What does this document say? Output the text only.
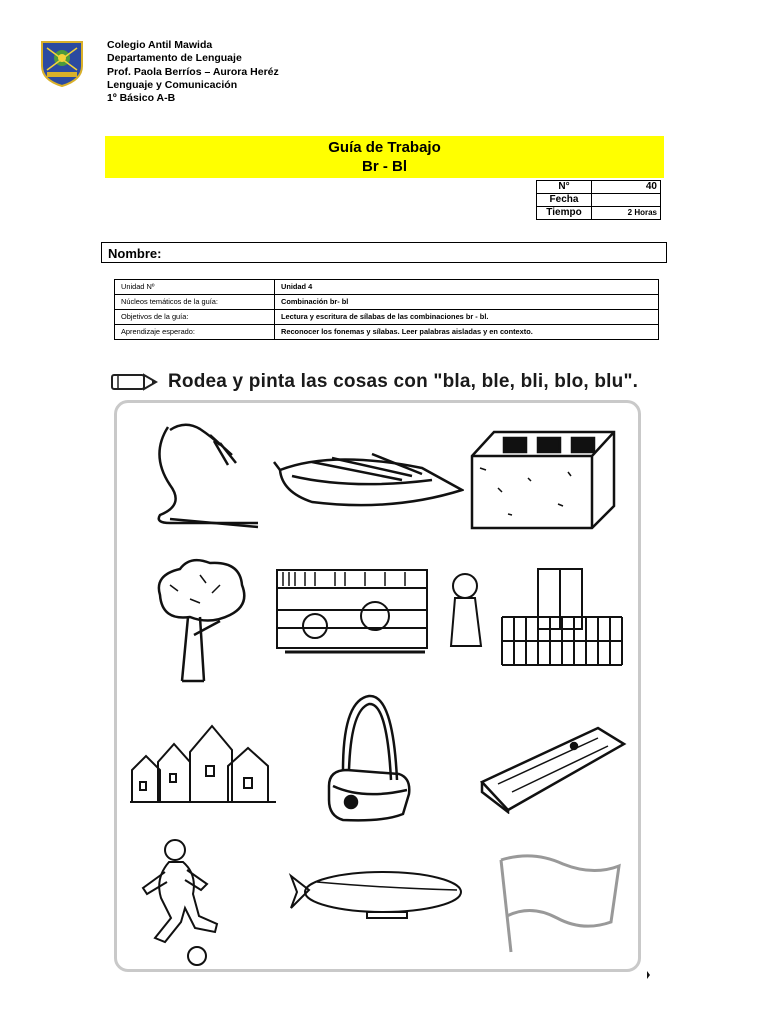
Colegio Antil Mawida
Departamento de Lenguaje
Prof. Paola Berríos – Aurora Heréz
Lenguaje y Comunicación
1º Básico A-B
Guía de Trabajo
Br - Bl
N°	40
Fecha	
Tiempo	2 Horas
Nombre:
Unidad Nº	Unidad 4
Núcleos temáticos de la guía:	Combinación br- bl
Objetivos de la guía:	Lectura y escritura de sílabas de las combinaciones br - bl.
Aprendizaje esperado:	Reconocer los fonemas y sílabas. Leer palabras aisladas y en contexto.
Rodea y pinta las cosas con "bla, ble, bli, blo, blu".
